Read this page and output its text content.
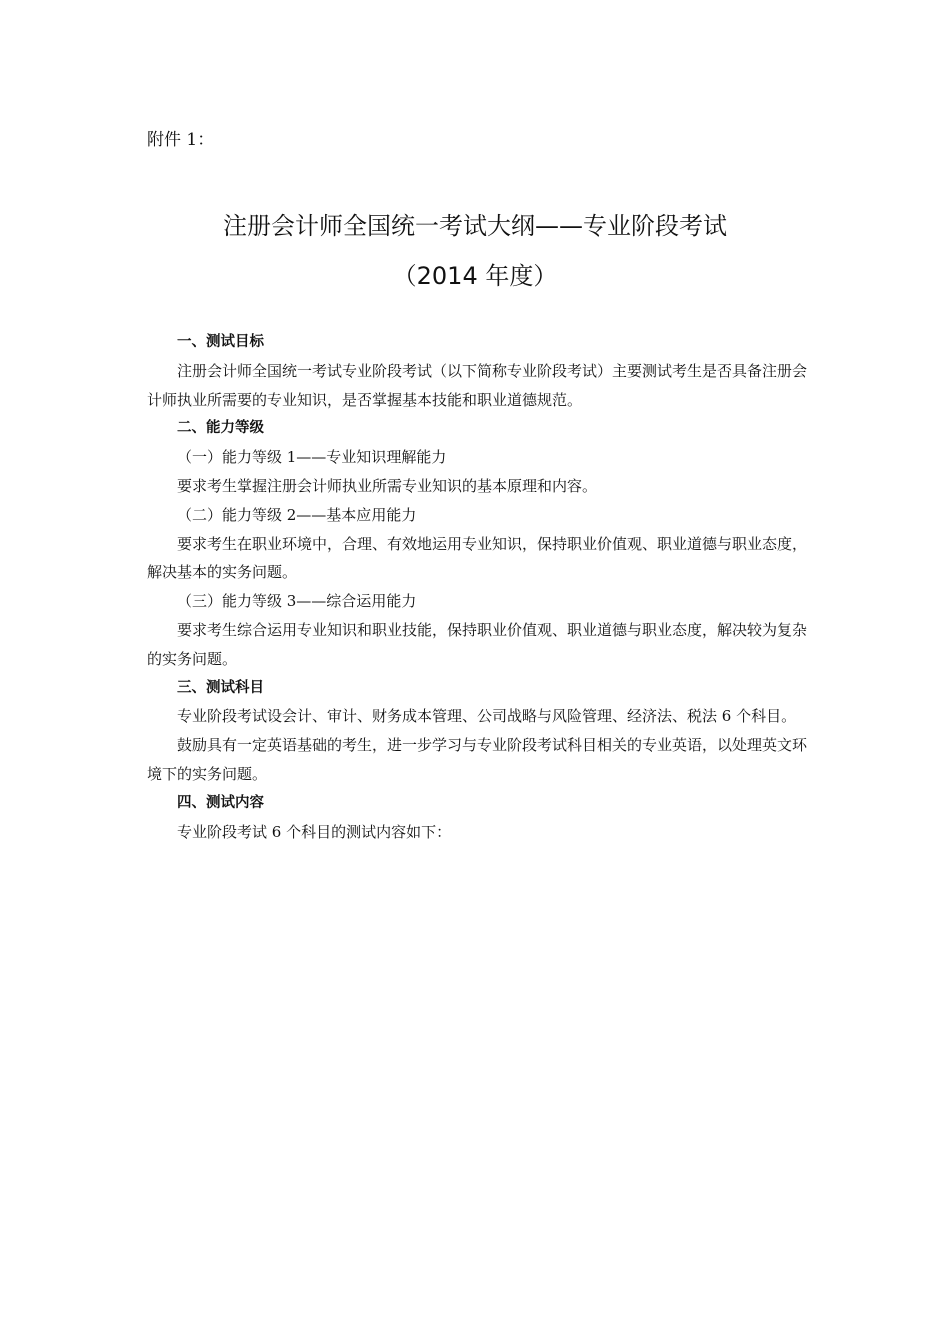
附件 1：
注册会计师全国统一考试大纲——专业阶段考试
（2014 年度）

一、测试目标

注册会计师全国统一考试专业阶段考试（以下简称专业阶段考试）主要测试考生是否具备注册会计师执业所需要的专业知识，是否掌握基本技能和职业道德规范。

二、能力等级

（一）能力等级 1——专业知识理解能力

要求考生掌握注册会计师执业所需专业知识的基本原理和内容。

（二）能力等级 2——基本应用能力

要求考生在职业环境中，合理、有效地运用专业知识，保持职业价值观、职业道德与职业态度，解决基本的实务问题。

（三）能力等级 3——综合运用能力

要求考生综合运用专业知识和职业技能，保持职业价值观、职业道德与职业态度，解决较为复杂的实务问题。

三、测试科目

专业阶段考试设会计、审计、财务成本管理、公司战略与风险管理、经济法、税法 6 个科目。

鼓励具有一定英语基础的考生，进一步学习与专业阶段考试科目相关的专业英语，以处理英文环境下的实务问题。

四、测试内容

专业阶段考试 6 个科目的测试内容如下：
